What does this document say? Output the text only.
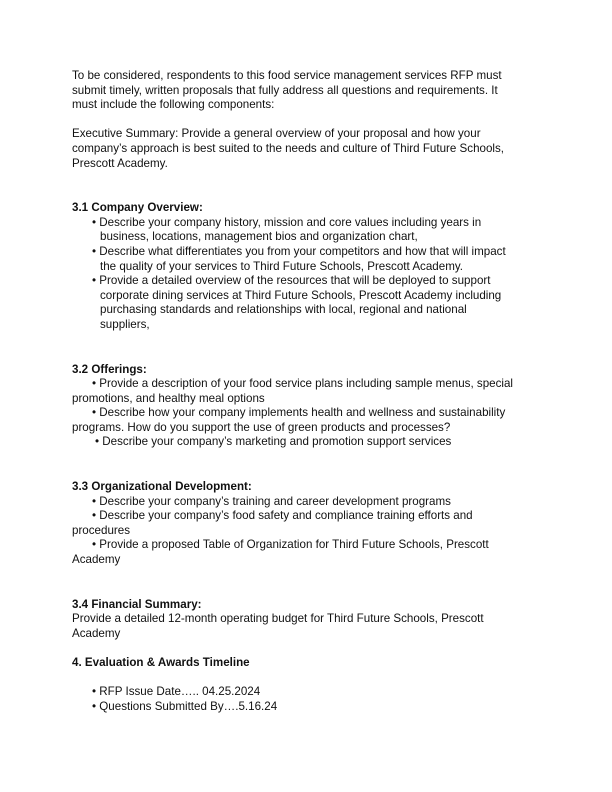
To be considered, respondents to this food service management services RFP must
submit timely, written proposals that fully address all questions and requirements. It
must include the following components:

Executive Summary: Provide a general overview of your proposal and how your
company’s approach is best suited to the needs and culture of Third Future Schools,
Prescott Academy.

3.1 Company Overview:

• Describe your company history, mission and core values including years in
business, locations, management bios and organization chart,

• Describe what differentiates you from your competitors and how that will impact
the quality of your services to Third Future Schools, Prescott Academy.

• Provide a detailed overview of the resources that will be deployed to support
corporate dining services at Third Future Schools, Prescott Academy including
purchasing standards and relationships with local, regional and national
suppliers,

3.2 Offerings:

• Provide a description of your food service plans including sample menus, special
promotions, and healthy meal options

• Describe how your company implements health and wellness and sustainability
programs. How do you support the use of green products and processes?

• Describe your company’s marketing and promotion support services

3.3 Organizational Development:

• Describe your company’s training and career development programs

• Describe your company’s food safety and compliance training efforts and
procedures

• Provide a proposed Table of Organization for Third Future Schools, Prescott
Academy

3.4 Financial Summary:

Provide a detailed 12-month operating budget for Third Future Schools, Prescott
Academy

4. Evaluation & Awards Timeline

• RFP Issue Date….. 04.25.2024

• Questions Submitted By….5.16.24
